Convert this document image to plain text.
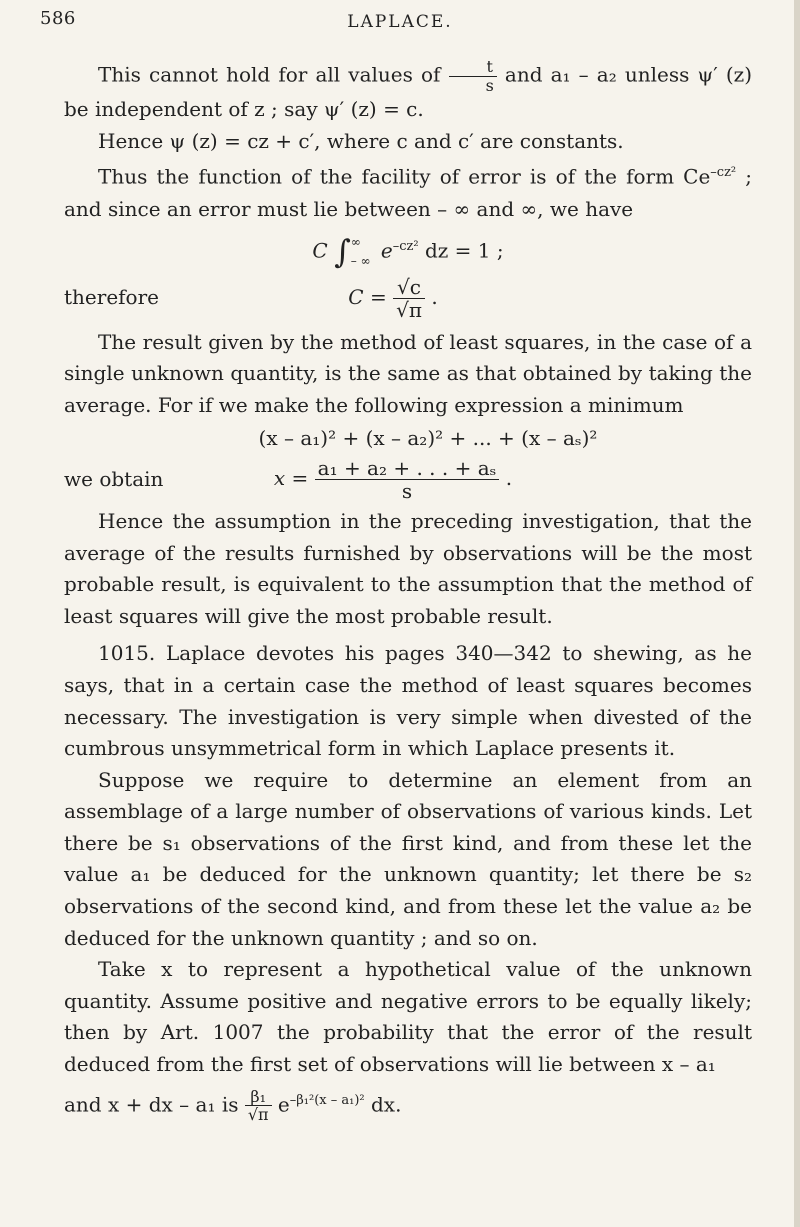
586	LAPLACE.

This cannot hold for all values of $\frac{t}{s}$ and a₁ – a₂ unless ψ′ (z) be independent of z ; say ψ′ (z) = c.

Hence ψ (z) = cz + c′, where c and c′ are constants.

Thus the function of the facility of error is of the form $Ce^{-cz^2}$ ; and since an error must lie between – ∞ and ∞, we have

C ∫ ∞
– ∞ $e^{-cz^2}$ dz = 1 ;
therefore	$C = \frac{√c}{√\pi}$ .

The result given by the method of least squares, in the case of a single unknown quantity, is the same as that obtained by taking the average. For if we make the following expression a minimum

(x – a₁)² + (x – a₂)² + ... + (x – aₛ)²
we obtain	$x = \frac{\text{a₁ + a₂ + . . . + aₛ}}{s}$ .

Hence the assumption in the preceding investigation, that the average of the results furnished by observations will be the most probable result, is equivalent to the assumption that the method of least squares will give the most probable result.

1015. Laplace devotes his pages 340—342 to shewing, as he says, that in a certain case the method of least squares becomes necessary. The investigation is very simple when divested of the cumbrous unsymmetrical form in which Laplace presents it.

Suppose we require to determine an element from an assemblage of a large number of observations of various kinds. Let there be s₁ observations of the first kind, and from these let the value a₁ be deduced for the unknown quantity; let there be s₂ observations of the second kind, and from these let the value a₂ be deduced for the unknown quantity ; and so on.

Take x to represent a hypothetical value of the unknown quantity. Assume positive and negative errors to be equally likely; then by Art. 1007 the probability that the error of the result deduced from the first set of observations will lie between x – a₁

and x + dx – a₁ is $\frac{\text{β₁}}{√\pi} e^{-\beta_1^2(x - a_1)^2}$ dx.
